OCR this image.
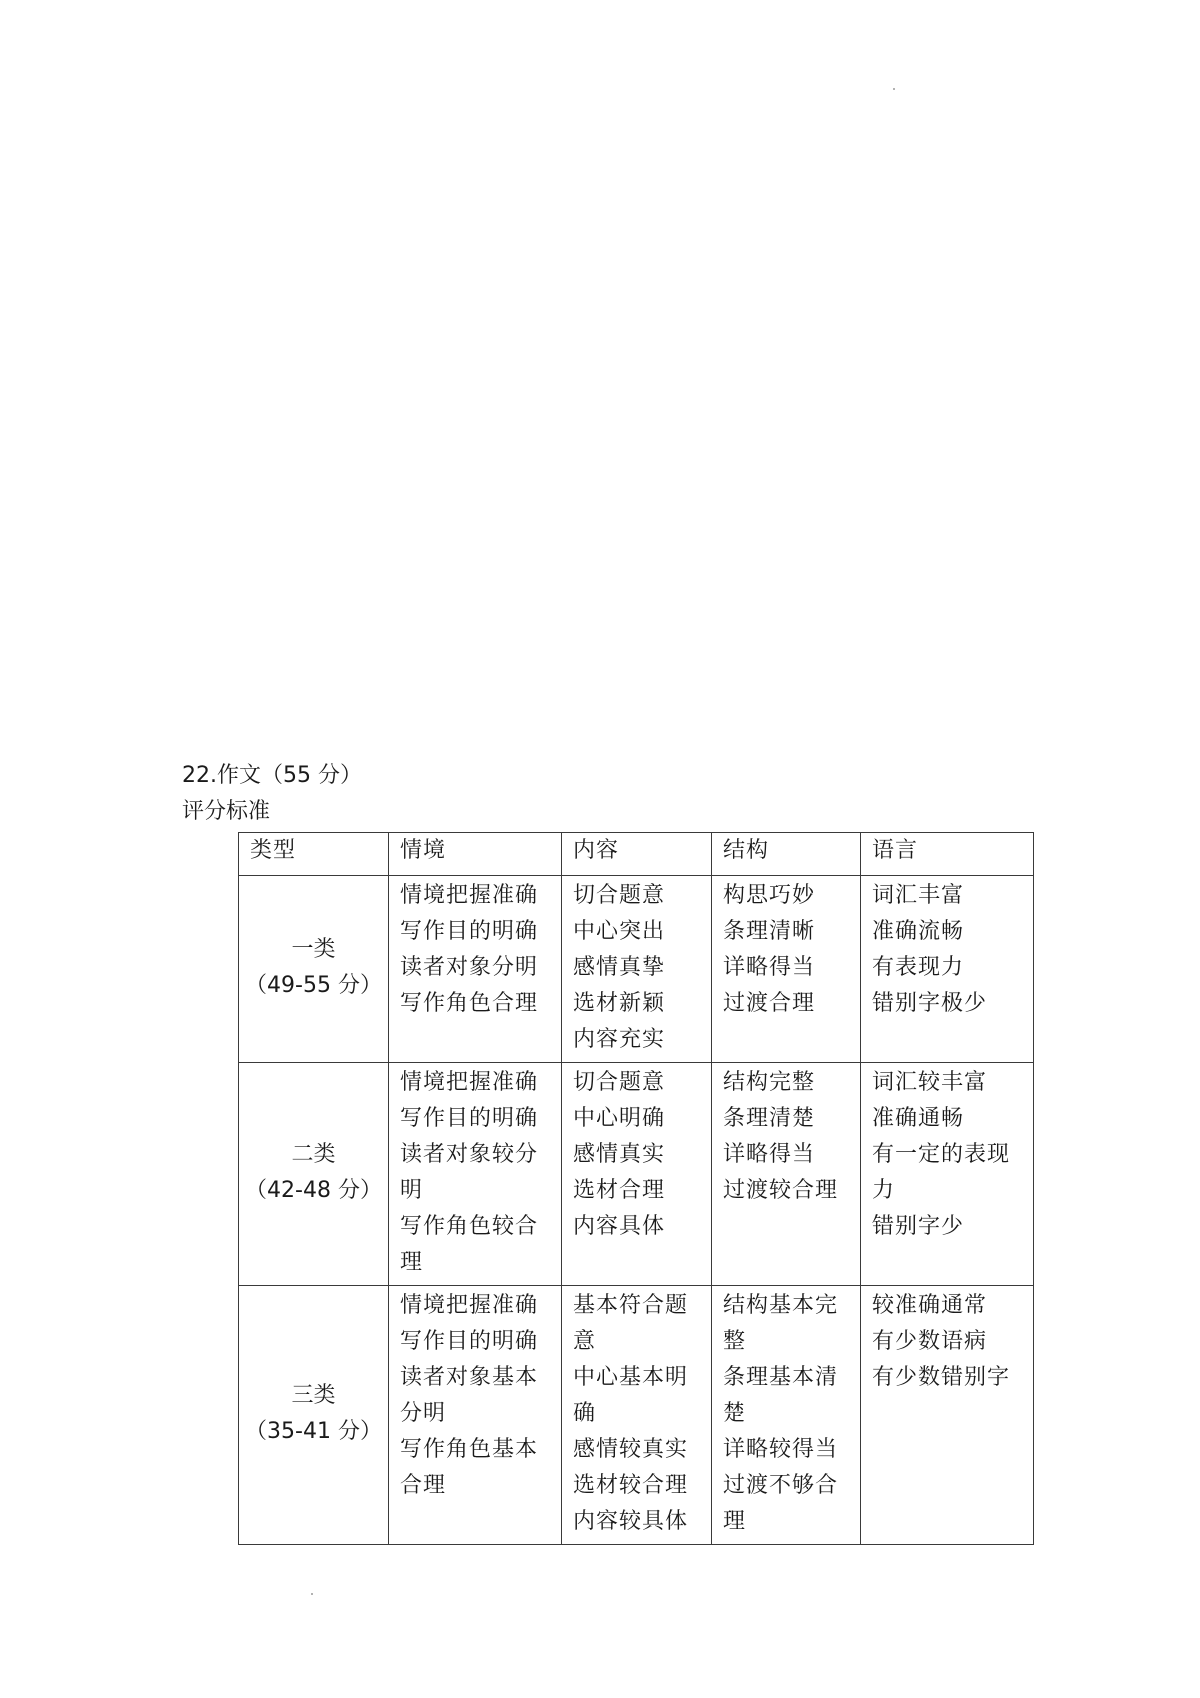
22.作文（55 分）
评分标准
类型	情境	内容	结构	语言

一类
（49-55 分）	情境把握准确
写作目的明确
读者对象分明
写作角色合理	切合题意
中心突出
感情真挚
选材新颖
内容充实	构思巧妙
条理清晰
详略得当
过渡合理	词汇丰富
准确流畅
有表现力
错别字极少

二类
（42-48 分）	情境把握准确
写作目的明确
读者对象较分明
写作角色较合理	切合题意
中心明确
感情真实
选材合理
内容具体	结构完整
条理清楚
详略得当
过渡较合理	词汇较丰富
准确通畅
有一定的表现力
错别字少

三类
（35-41 分）	情境把握准确
写作目的明确
读者对象基本分明
写作角色基本合理	基本符合题意
中心基本明确
感情较真实
选材较合理
内容较具体	结构基本完整
条理基本清楚
详略较得当
过渡不够合理	较准确通常
有少数语病
有少数错别字
